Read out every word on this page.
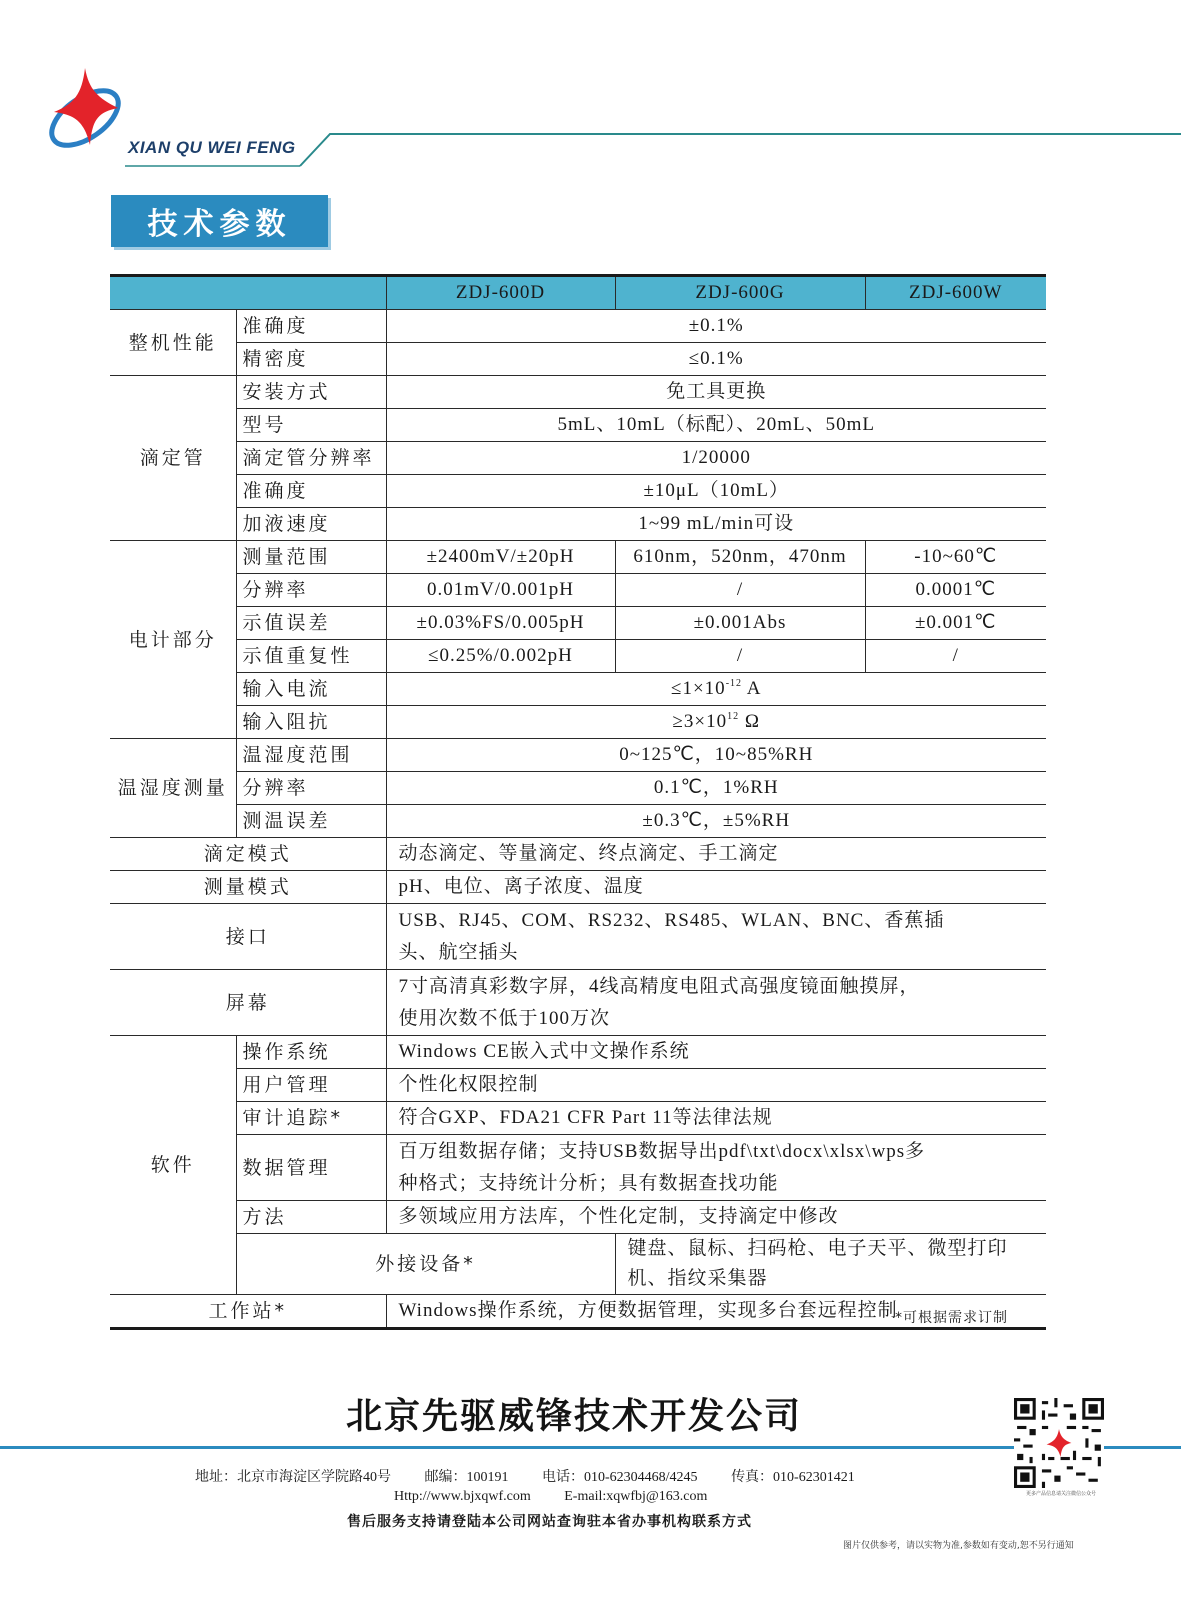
XIAN QU WEI FENG
技术参数
		ZDJ-600D	ZDJ-600G	ZDJ-600W
整机性能	准确度	±0.1%		
	精密度	≤0.1%		
滴定管	安装方式	免工具更换		
	型号	5mL、10mL（标配）、20mL、50mL		
	滴定管分辨率	1/20000		
	准确度	±10μL（10mL）		
	加液速度	1~99 mL/min可设		
电计部分	测量范围	±2400mV/±20pH	610nm，520nm，470nm	-10~60℃
	分辨率	0.01mV/0.001pH	/	0.0001℃
	示值误差	±0.03%FS/0.005pH	±0.001Abs	±0.001℃
	示值重复性	≤0.25%/0.002pH	/	/
	输入电流	$\le 1\times 10^{-12}$ A		
	输入阻抗	$\ge 3\times 10^{12}$ Ω		
温湿度测量	温湿度范围	0~125℃，10~85%RH		
	分辨率	0.1℃，1%RH		
	测温误差	±0.3℃，±5%RH		
滴定模式		动态滴定、等量滴定、终点滴定、手工滴定		
测量模式		pH、电位、离子浓度、温度		
接口		USB、RJ45、COM、RS232、RS485、WLAN、BNC、香蕉插
头、航空插头		

屏幕		7寸高清真彩数字屏，4线高精度电阻式高强度镜面触摸屏，
使用次数不低于100万次		

软件	操作系统	Windows CE嵌入式中文操作系统		
	用户管理	个性化权限控制		
	审计追踪*	符合GXP、FDA21 CFR Part 11等法律法规		
	数据管理	百万组数据存储；支持USB数据导出pdf\txt\docx\xlsx\wps多
种格式；支持统计分析；具有数据查找功能		

	方法	多领域应用方法库，个性化定制，支持滴定中修改		
	外接设备*		键盘、鼠标、扫码枪、电子天平、微型打印机、指纹采集器	
工作站*		Windows操作系统，方便数据管理，实现多台套远程控制		
*可根据需求订制
北京先驱威锋技术开发公司
更多产品信息请关注微信公众号
地址：北京市海淀区学院路40号 邮编：100191 电话：010-62304468/4245 传真：010-62301421
Http://www.bjxqwf.com E-mail:xqwfbj@163.com
售后服务支持请登陆本公司网站查询驻本省办事机构联系方式
图片仅供参考，请以实物为准,参数如有变动,恕不另行通知
